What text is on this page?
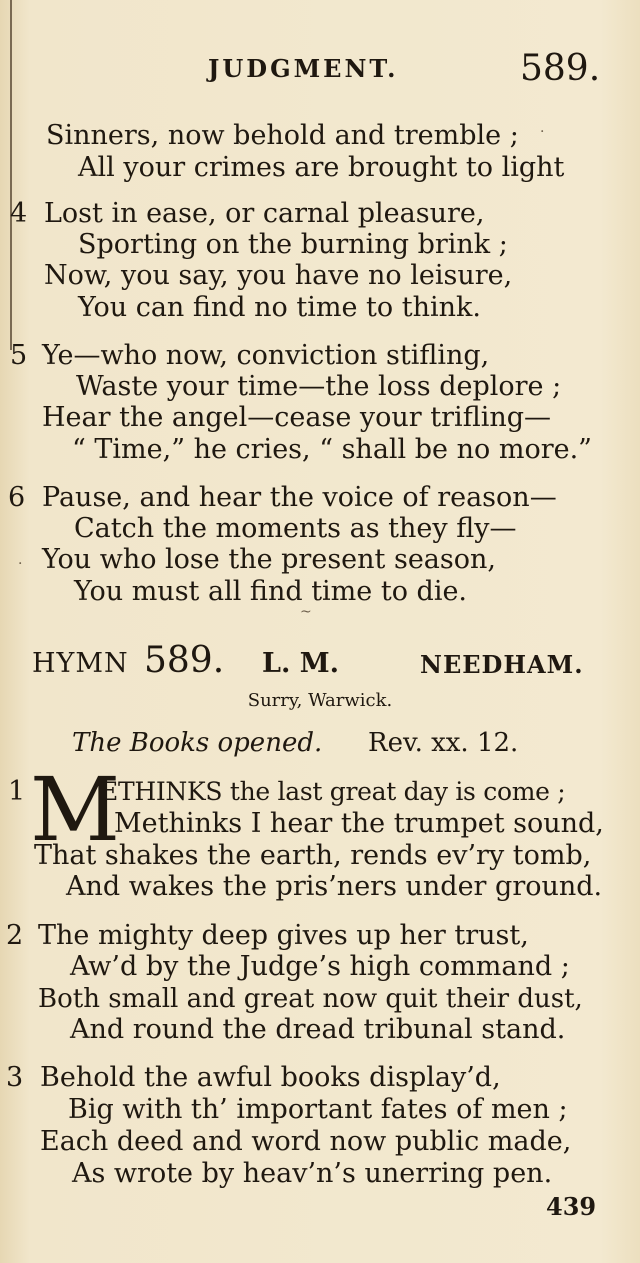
JUDGMENT.	589.
Sinners, now behold and tremble ;
All your crimes are brought to light
4 Lost in ease, or carnal pleasure,
Sporting on the burning brink ;
Now, you say, you have no leisure,
You can find no time to think.
5 Ye—who now, conviction stifling,
Waste your time—the loss deplore ;
Hear the angel—cease your trifling—
“ Time,” he cries, “ shall be no more.”
6 Pause, and hear the voice of reason—
Catch the moments as they fly—
You who lose the present season,
You must all find time to die.
·
·
~
HYMN 589. L. M.	NEEDHAM.
Surry, Warwick.
The Books opened. Rev. xx. 12.
1 M
ETHINKS the last great day is come ;
Methinks I hear the trumpet sound,
That shakes the earth, rends ev’ry tomb,
And wakes the pris’ners under ground.
2 The mighty deep gives up her trust,
Aw’d by the Judge’s high command ;
Both small and great now quit their dust,
And round the dread tribunal stand.
3 Behold the awful books display’d,
Big with th’ important fates of men ;
Each deed and word now public made,
As wrote by heav’n’s unerring pen.
439
